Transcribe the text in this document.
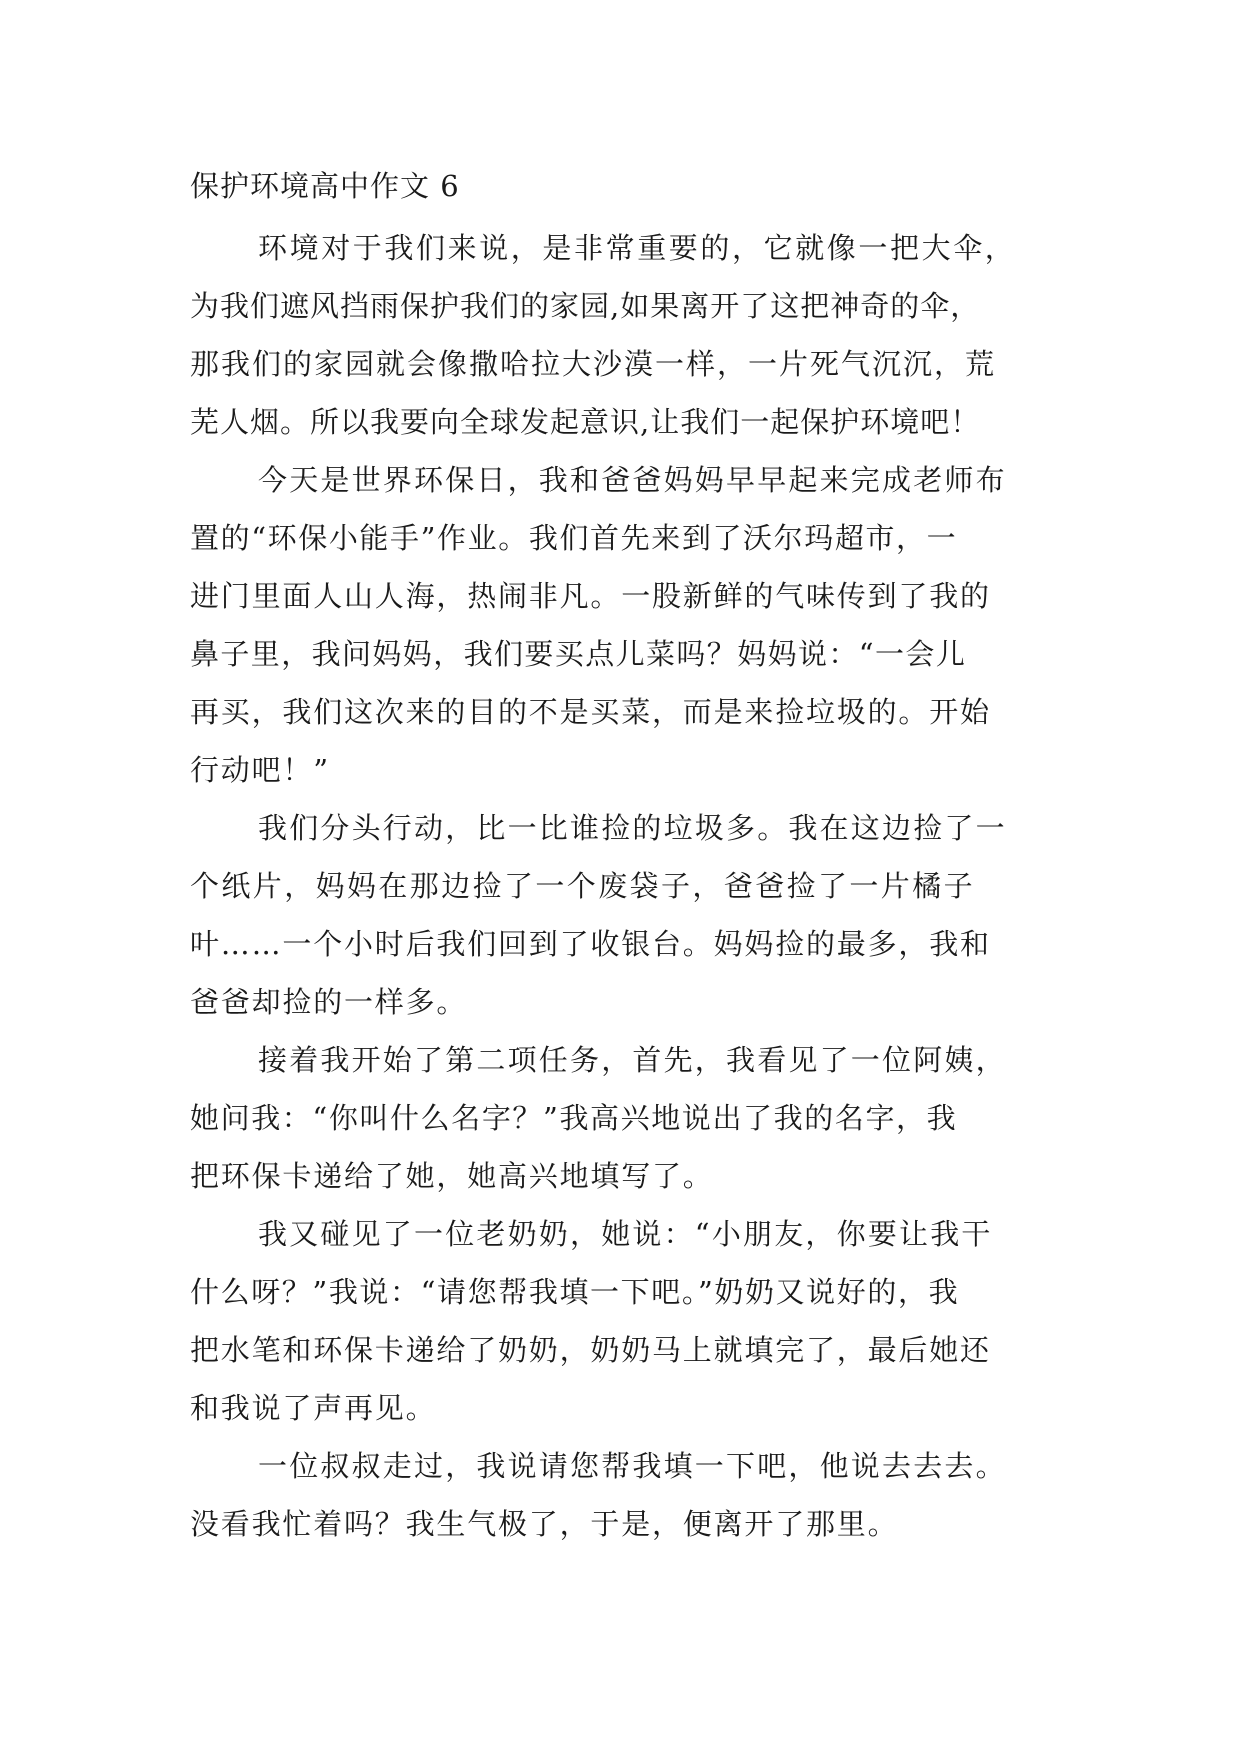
保护环境高中作文 6
环境对于我们来说，是非常重要的，它就像一把大伞，
为我们遮风挡雨保护我们的家园,如果离开了这把神奇的伞，
那我们的家园就会像撒哈拉大沙漠一样，一片死气沉沉，荒
芜人烟。所以我要向全球发起意识,让我们一起保护环境吧！
今天是世界环保日，我和爸爸妈妈早早起来完成老师布
置的“环保小能手”作业。我们首先来到了沃尔玛超市，一
进门里面人山人海，热闹非凡。一股新鲜的气味传到了我的
鼻子里，我问妈妈，我们要买点儿菜吗？妈妈说：“一会儿
再买，我们这次来的目的不是买菜，而是来捡垃圾的。开始
行动吧！”
我们分头行动，比一比谁捡的垃圾多。我在这边捡了一
个纸片，妈妈在那边捡了一个废袋子，爸爸捡了一片橘子
叶……一个小时后我们回到了收银台。妈妈捡的最多，我和
爸爸却捡的一样多。
接着我开始了第二项任务，首先，我看见了一位阿姨，
她问我：“你叫什么名字？”我高兴地说出了我的名字，我
把环保卡递给了她，她高兴地填写了。
我又碰见了一位老奶奶，她说：“小朋友，你要让我干
什么呀？”我说：“请您帮我填一下吧。”奶奶又说好的，我
把水笔和环保卡递给了奶奶，奶奶马上就填完了，最后她还
和我说了声再见。
一位叔叔走过，我说请您帮我填一下吧，他说去去去。
没看我忙着吗？我生气极了，于是，便离开了那里。
